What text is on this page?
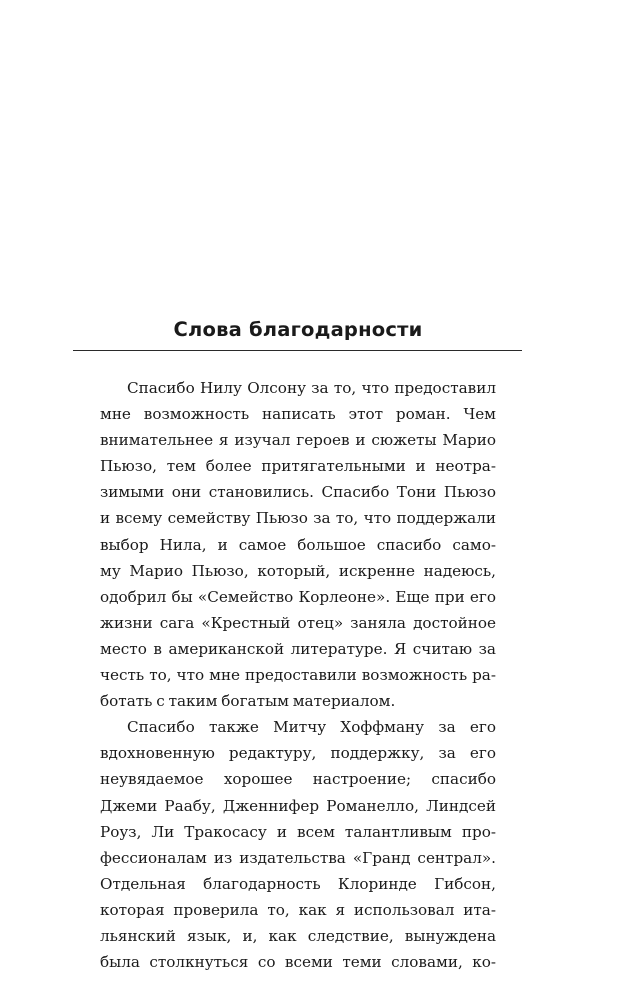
Слова благодарности
Спасибо Нилу Олсону за то, что предоставил
мне возможность написать этот роман. Чем
внимательнее я изучал героев и сюжеты Марио
Пьюзо, тем более притягательными и неотра-
зимыми они становились. Спасибо Тони Пьюзо
и всему семейству Пьюзо за то, что поддержали
выбор Нила, и самое большое спасибо само-
му Марио Пьюзо, который, искренне надеюсь,
одобрил бы «Семейство Корлеоне». Еще при его
жизни сага «Крестный отец» заняла достойное
место в американской литературе. Я считаю за
честь то, что мне предоставили возможность ра-
ботать с таким богатым материалом.
Спасибо также Митчу Хоффману за его
вдохновенную редактуру, поддержку, за его
неувядаемое хорошее настроение; спасибо
Джеми Раабу, Дженнифер Романелло, Линдсей
Роуз, Ли Тракосасу и всем талантливым про-
фессионалам из издательства «Гранд сентрал».
Отдельная благодарность Клоринде Гибсон,
которая проверила то, как я использовал ита-
льянский язык, и, как следствие, вынуждена
была столкнуться со всеми теми словами, ко-
